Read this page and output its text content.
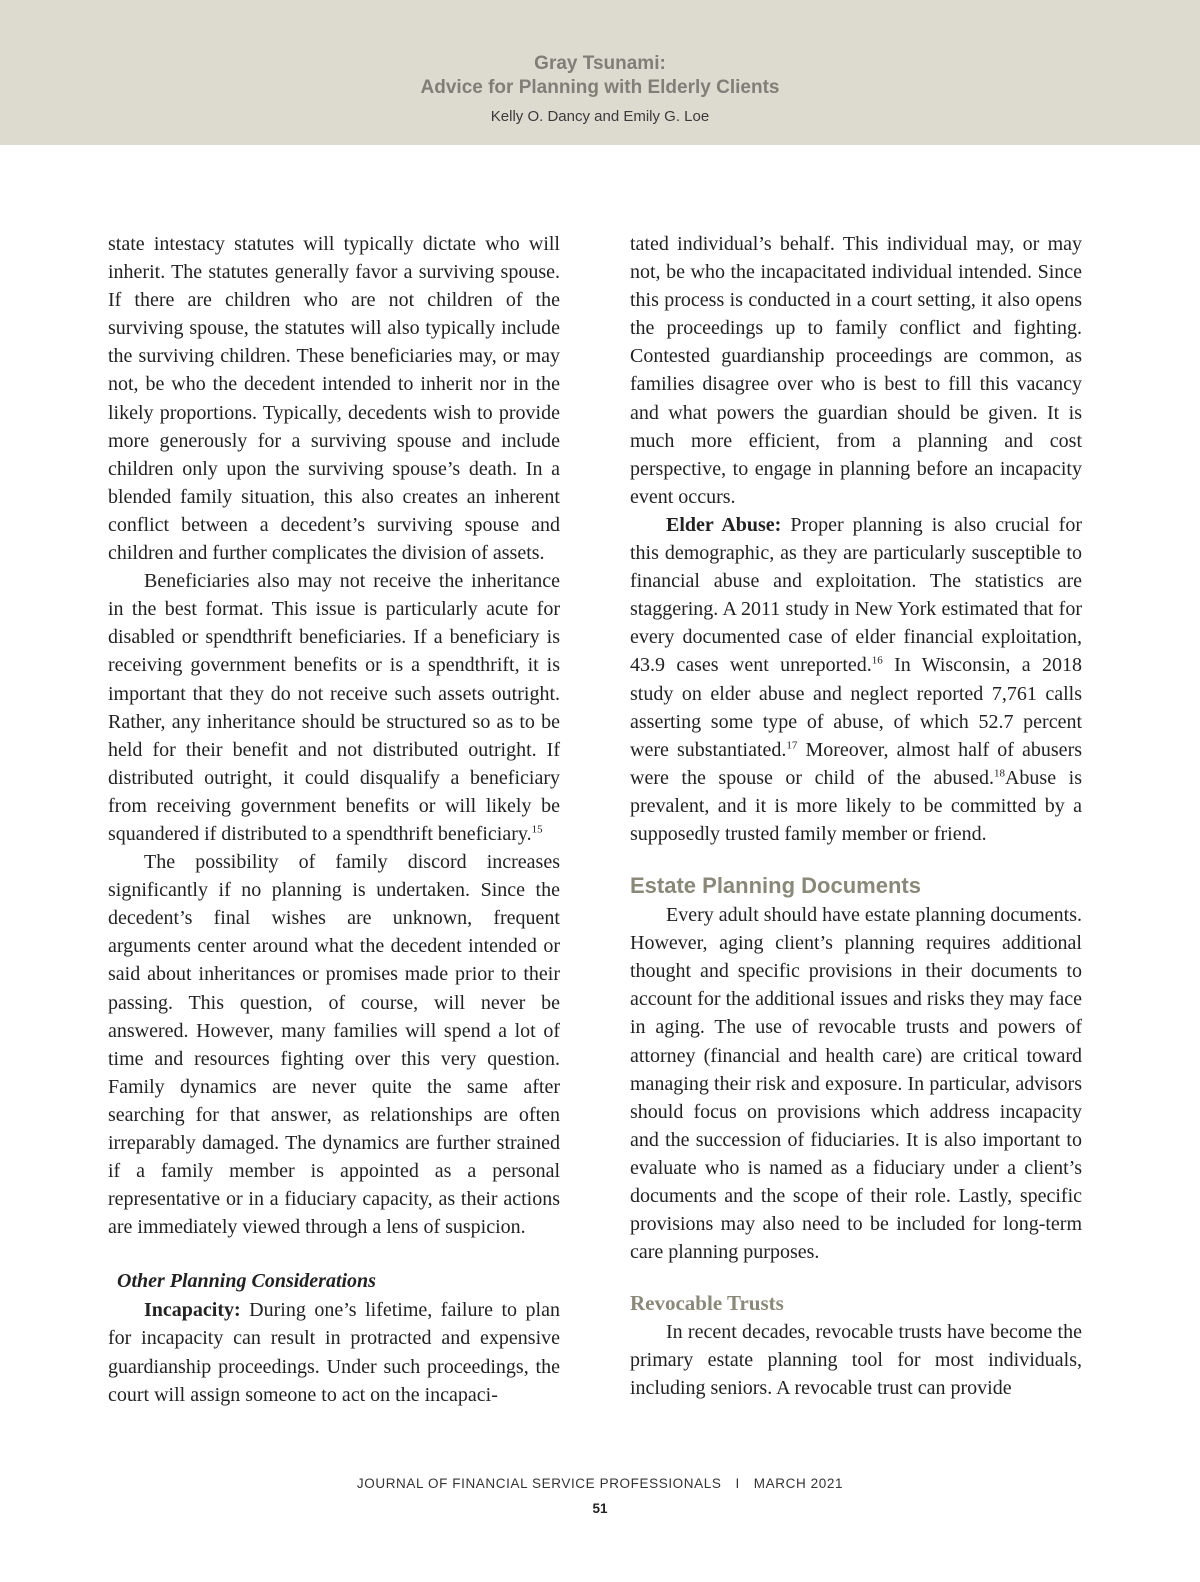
Gray Tsunami:
Advice for Planning with Elderly Clients
Kelly O. Dancy and Emily G. Loe

state intestacy statutes will typically dictate who will inherit. The statutes generally favor a surviving spouse. If there are children who are not children of the surviving spouse, the statutes will also typically include the surviving children. These beneficiaries may, or may not, be who the decedent intended to inherit nor in the likely proportions. Typically, decedents wish to provide more generously for a surviving spouse and include children only upon the surviving spouse’s death. In a blended family situation, this also creates an inherent conflict between a decedent’s surviving spouse and children and further complicates the division of assets.

Beneficiaries also may not receive the inheritance in the best format. This issue is particularly acute for disabled or spendthrift beneficiaries. If a beneficiary is receiving government benefits or is a spendthrift, it is important that they do not receive such assets outright. Rather, any inheritance should be structured so as to be held for their benefit and not distributed outright. If distributed outright, it could disqualify a beneficiary from receiving government benefits or will likely be squandered if distributed to a spendthrift beneficiary.$^{15}$

The possibility of family discord increases significantly if no planning is undertaken. Since the decedent’s final wishes are unknown, frequent arguments center around what the decedent intended or said about inheritances or promises made prior to their passing. This question, of course, will never be answered. However, many families will spend a lot of time and resources fighting over this very question. Family dynamics are never quite the same after searching for that answer, as relationships are often irreparably damaged. The dynamics are further strained if a family member is appointed as a personal representative or in a fiduciary capacity, as their actions are immediately viewed through a lens of suspicion.

Other Planning Considerations

Incapacity: During one’s lifetime, failure to plan for incapacity can result in protracted and expensive guardianship proceedings. Under such proceedings, the court will assign someone to act on the incapaci-

tated individual’s behalf. This individual may, or may not, be who the incapacitated individual intended. Since this process is conducted in a court setting, it also opens the proceedings up to family conflict and fighting. Contested guardianship proceedings are common, as families disagree over who is best to fill this vacancy and what powers the guardian should be given. It is much more efficient, from a planning and cost perspective, to engage in planning before an incapacity event occurs.

Elder Abuse: Proper planning is also crucial for this demographic, as they are particularly susceptible to financial abuse and exploitation. The statistics are staggering. A 2011 study in New York estimated that for every documented case of elder financial exploitation, 43.9 cases went unreported.$^{16}$ In Wisconsin, a 2018 study on elder abuse and neglect reported 7,761 calls asserting some type of abuse, of which 52.7 percent were substantiated.$^{17}$ Moreover, almost half of abusers were the spouse or child of the abused.$^{18}$Abuse is prevalent, and it is more likely to be committed by a supposedly trusted family member or friend.

Estate Planning Documents

Every adult should have estate planning documents. However, aging client’s planning requires additional thought and specific provisions in their documents to account for the additional issues and risks they may face in aging. The use of revocable trusts and powers of attorney (financial and health care) are critical toward managing their risk and exposure. In particular, advisors should focus on provisions which address incapacity and the succession of fiduciaries. It is also important to evaluate who is named as a fiduciary under a client’s documents and the scope of their role. Lastly, specific provisions may also need to be included for long-term care planning purposes.

Revocable Trusts

In recent decades, revocable trusts have become the primary estate planning tool for most individuals, including seniors. A revocable trust can provide

JOURNAL OF FINANCIAL SERVICE PROFESSIONALS I MARCH 2021
51
